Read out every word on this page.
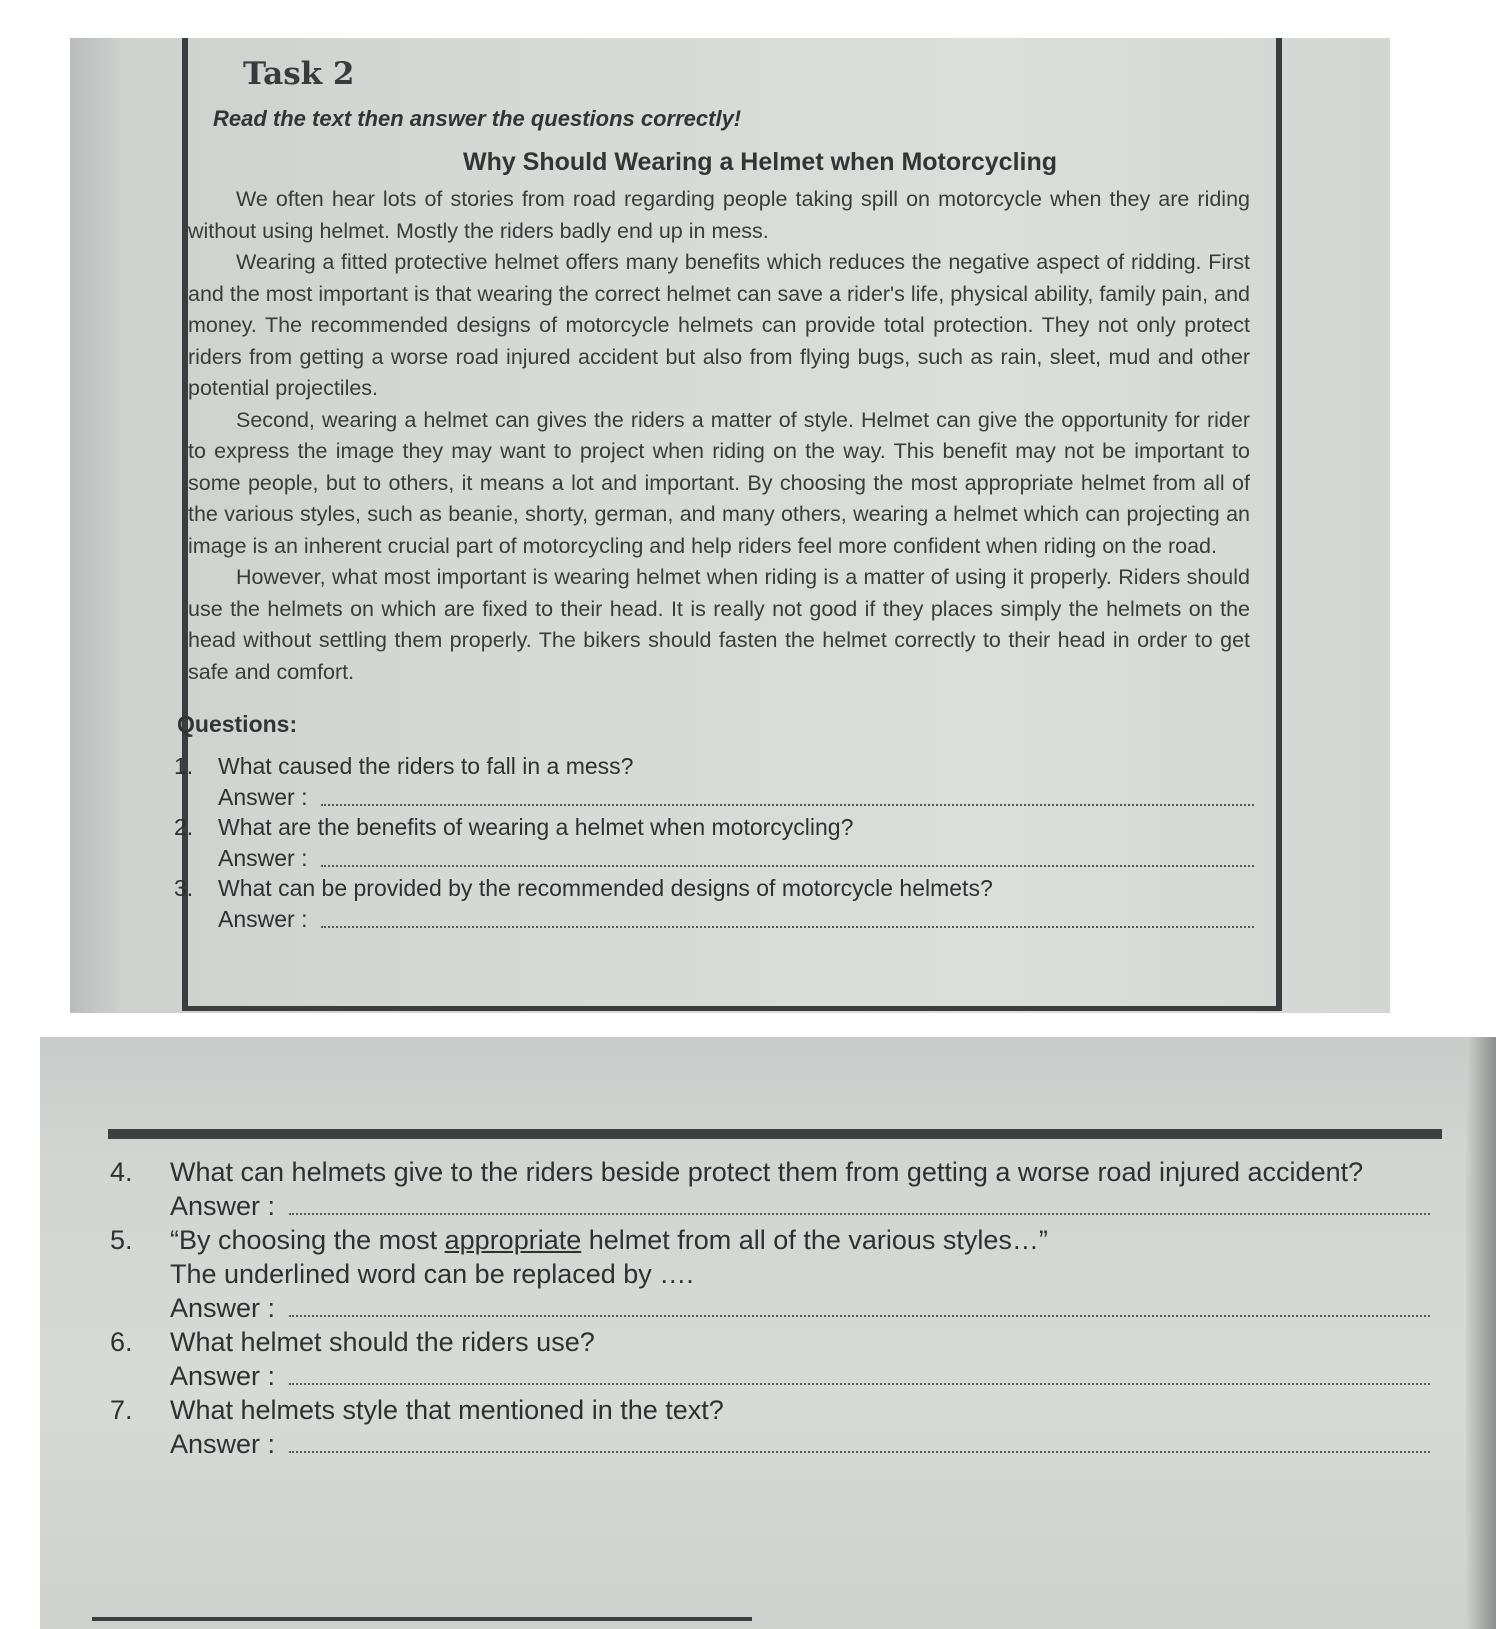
Task 2

Read the text then answer the questions correctly!

Why Should Wearing a Helmet when Motorcycling

We often hear lots of stories from road regarding people taking spill on motorcycle when they are riding without using helmet. Mostly the riders badly end up in mess.

Wearing a fitted protective helmet offers many benefits which reduces the negative aspect of ridding. First and the most important is that wearing the correct helmet can save a rider's life, physical ability, family pain, and money. The recommended designs of motorcycle helmets can provide total protection. They not only protect riders from getting a worse road injured accident but also from flying bugs, such as rain, sleet, mud and other potential projectiles.

Second, wearing a helmet can gives the riders a matter of style. Helmet can give the opportunity for rider to express the image they may want to project when riding on the way. This benefit may not be important to some people, but to others, it means a lot and important. By choosing the most appropriate helmet from all of the various styles, such as beanie, shorty, german, and many others, wearing a helmet which can projecting an image is an inherent crucial part of motorcycling and help riders feel more confident when riding on the road.

However, what most important is wearing helmet when riding is a matter of using it properly. Riders should use the helmets on which are fixed to their head. It is really not good if they places simply the helmets on the head without settling them properly. The bikers should fasten the helmet correctly to their head in order to get safe and comfort.

Questions:
1.	What caused the riders to fall in a mess?
Answer :
2.	What are the benefits of wearing a helmet when motorcycling?
Answer :
3.	What can be provided by the recommended designs of motorcycle helmets?
Answer :
4.	What can helmets give to the riders beside protect them from getting a worse road injured accident?
Answer :
5.	“By choosing the most appropriate helmet from all of the various styles…”
The underlined word can be replaced by ….
Answer :
6.	What helmet should the riders use?
Answer :
7.	What helmets style that mentioned in the text?
Answer :
